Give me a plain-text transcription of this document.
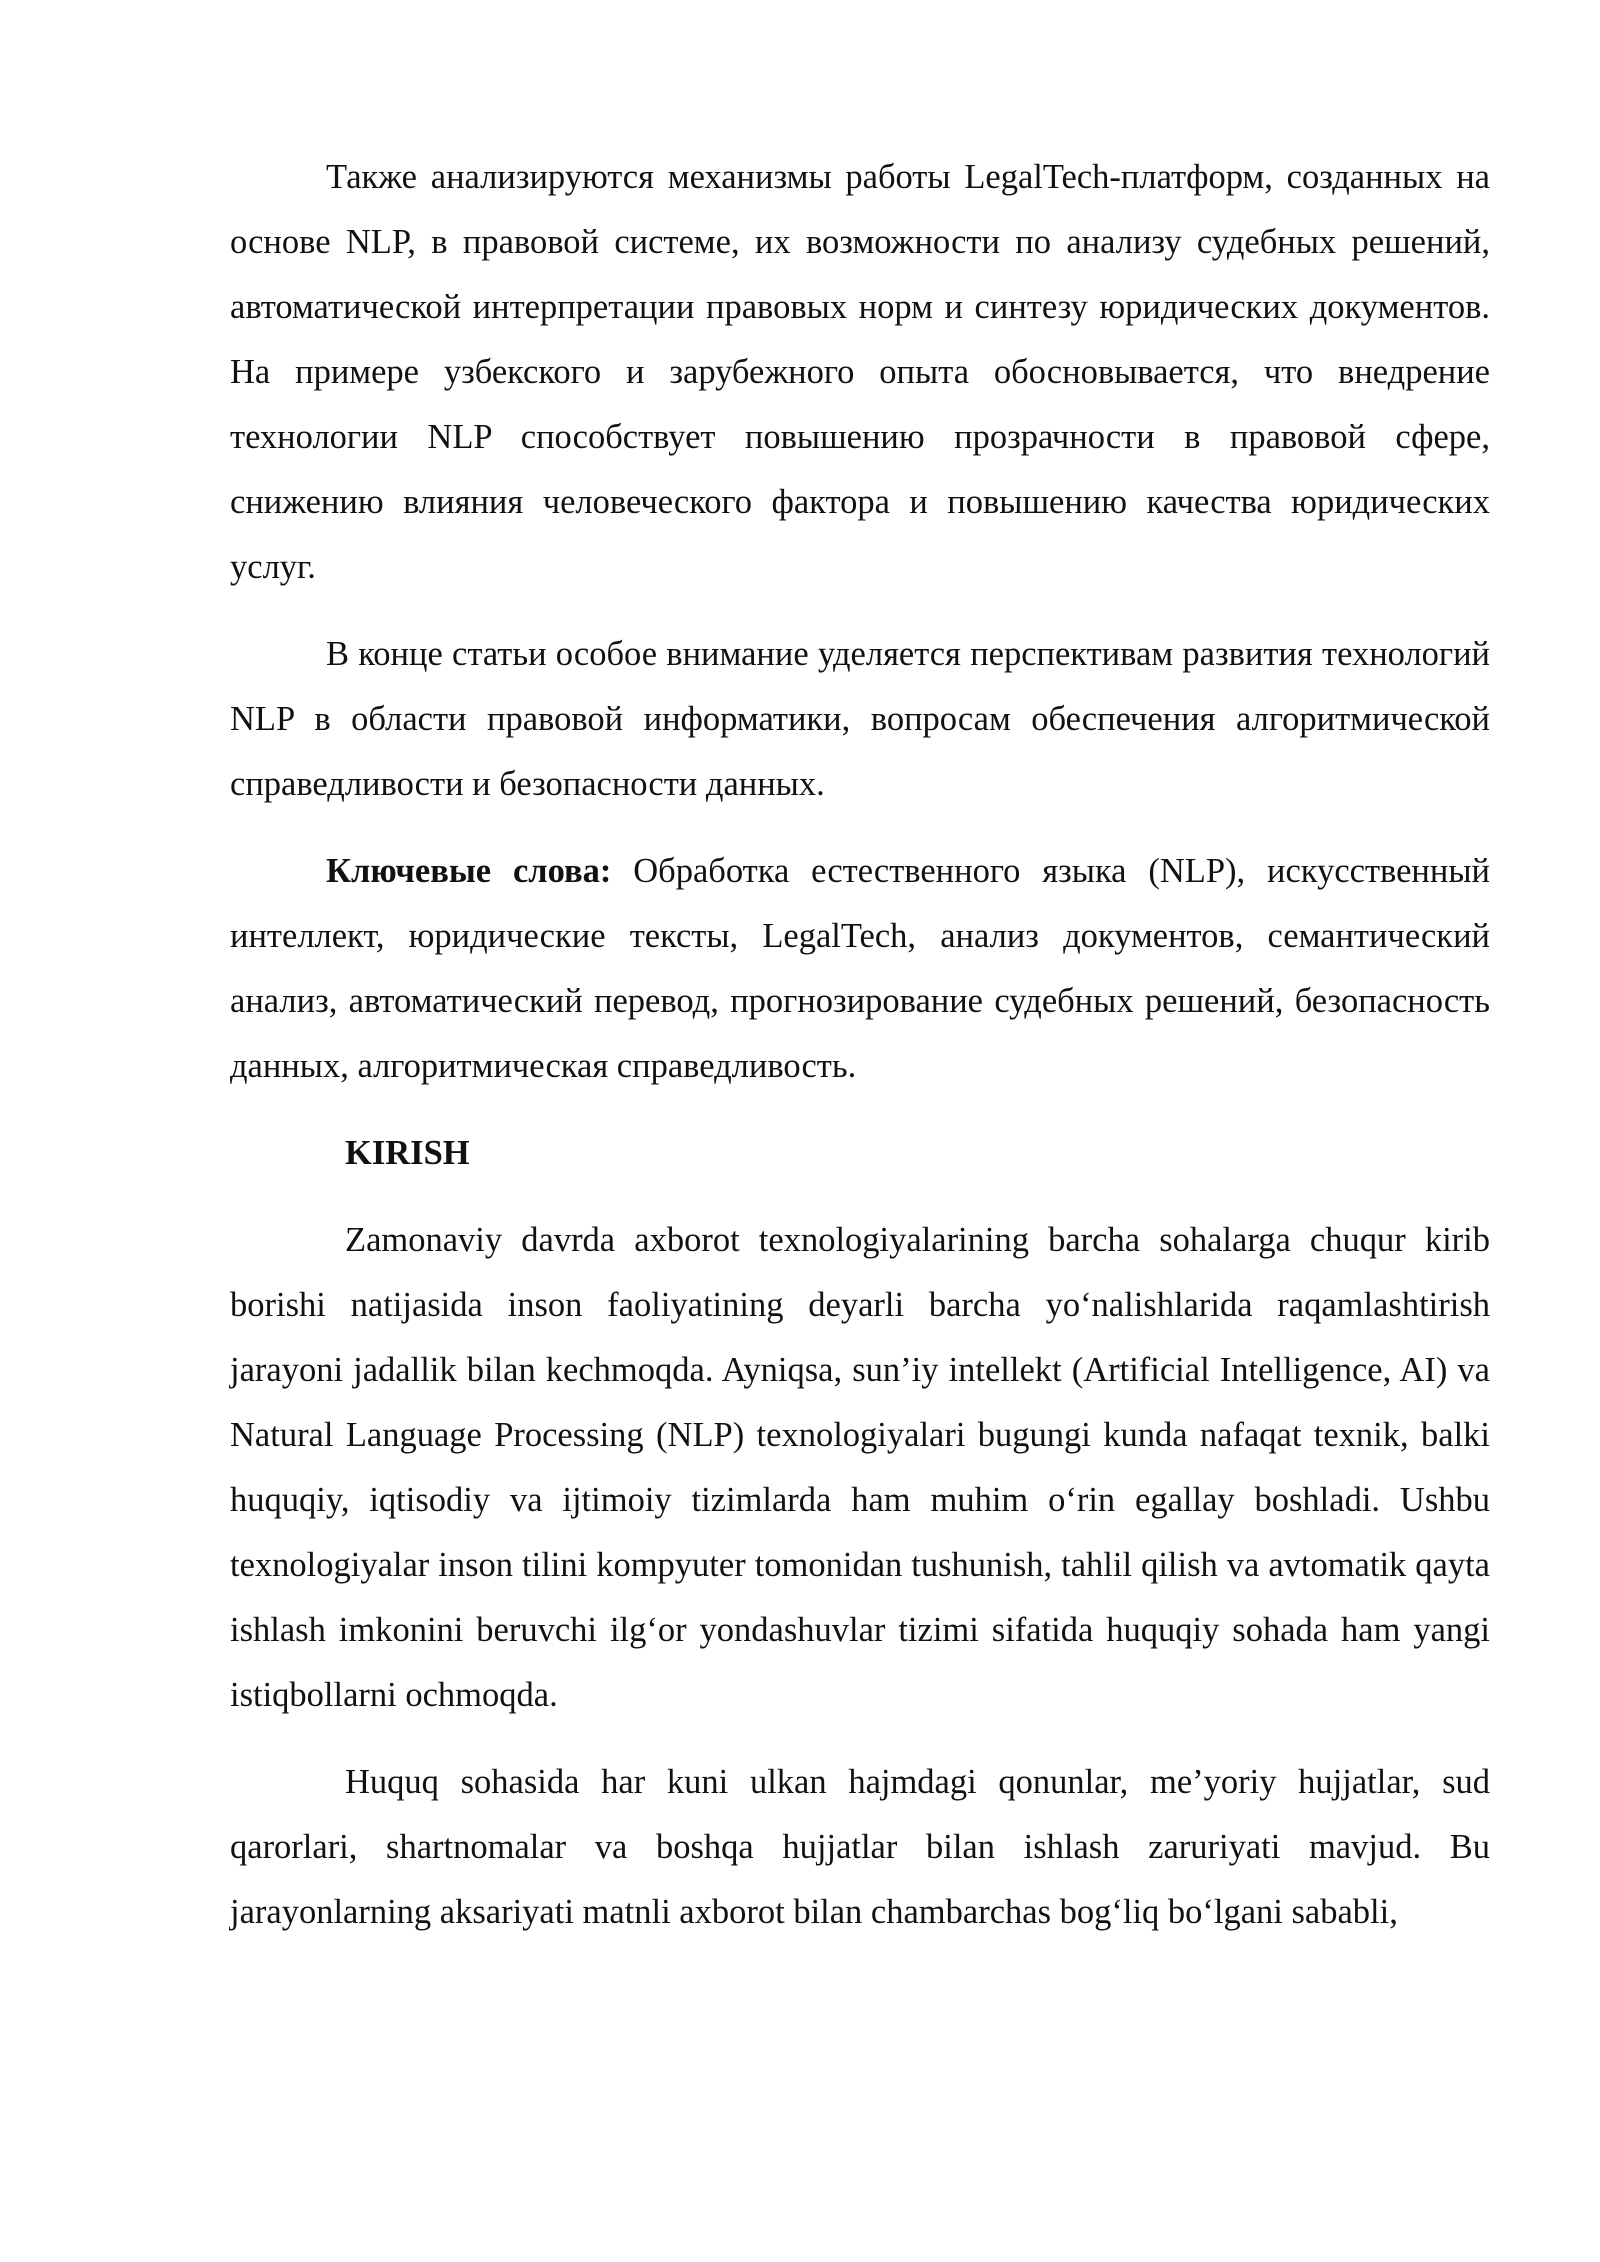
Также анализируются механизмы работы LegalTech-платформ, созданных на основе NLP, в правовой системе, их возможности по анализу судебных решений, автоматической интерпретации правовых норм и синтезу юридических документов. На примере узбекского и зарубежного опыта обосновывается, что внедрение технологии NLP способствует повышению прозрачности в правовой сфере, снижению влияния человеческого фактора и повышению качества юридических услуг.

В конце статьи особое внимание уделяется перспективам развития технологий NLP в области правовой информатики, вопросам обеспечения алгоритмической справедливости и безопасности данных.

Ключевые слова: Обработка естественного языка (NLP), искусственный интеллект, юридические тексты, LegalTech, анализ документов, семантический анализ, автоматический перевод, прогнозирование судебных решений, безопасность данных, алгоритмическая справедливость.

KIRISH

Zamonaviy davrda axborot texnologiyalarining barcha sohalarga chuqur kirib borishi natijasida inson faoliyatining deyarli barcha yo‘nalishlarida raqamlashtirish jarayoni jadallik bilan kechmoqda. Ayniqsa, sun’iy intellekt (Artificial Intelligence, AI) va Natural Language Processing (NLP) texnologiyalari bugungi kunda nafaqat texnik, balki huquqiy, iqtisodiy va ijtimoiy tizimlarda ham muhim o‘rin egallay boshladi. Ushbu texnologiyalar inson tilini kompyuter tomonidan tushunish, tahlil qilish va avtomatik qayta ishlash imkonini beruvchi ilg‘or yondashuvlar tizimi sifatida huquqiy sohada ham yangi istiqbollarni ochmoqda.

Huquq sohasida har kuni ulkan hajmdagi qonunlar, me’yoriy hujjatlar, sud qarorlari, shartnomalar va boshqa hujjatlar bilan ishlash zaruriyati mavjud. Bu jarayonlarning aksariyati matnli axborot bilan chambarchas bog‘liq bo‘lgani sababli,
